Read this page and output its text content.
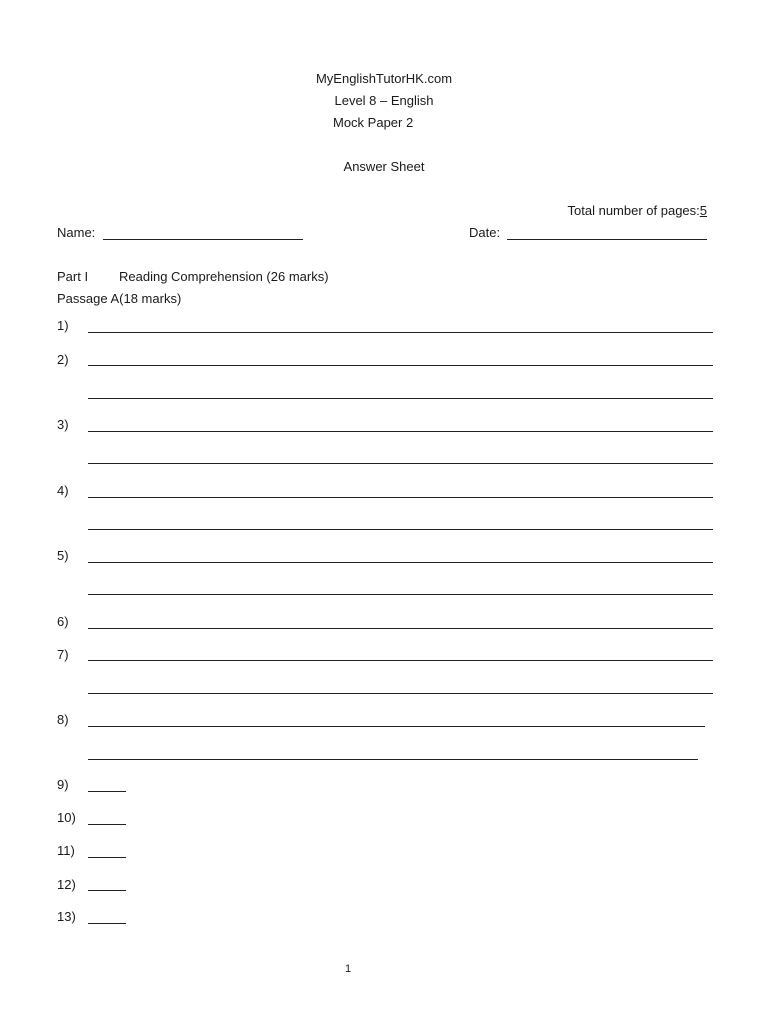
MyEnglishTutorHK.com
Level 8 – English
Mock Paper 2
Answer Sheet
Total number of pages:5
Name:	Date:
Part I Reading Comprehension (26 marks)
Passage A(18 marks)
1)
2)
3)
4)
5)
6)
7)
8)
9)
10)
11)
12)
13)
1
